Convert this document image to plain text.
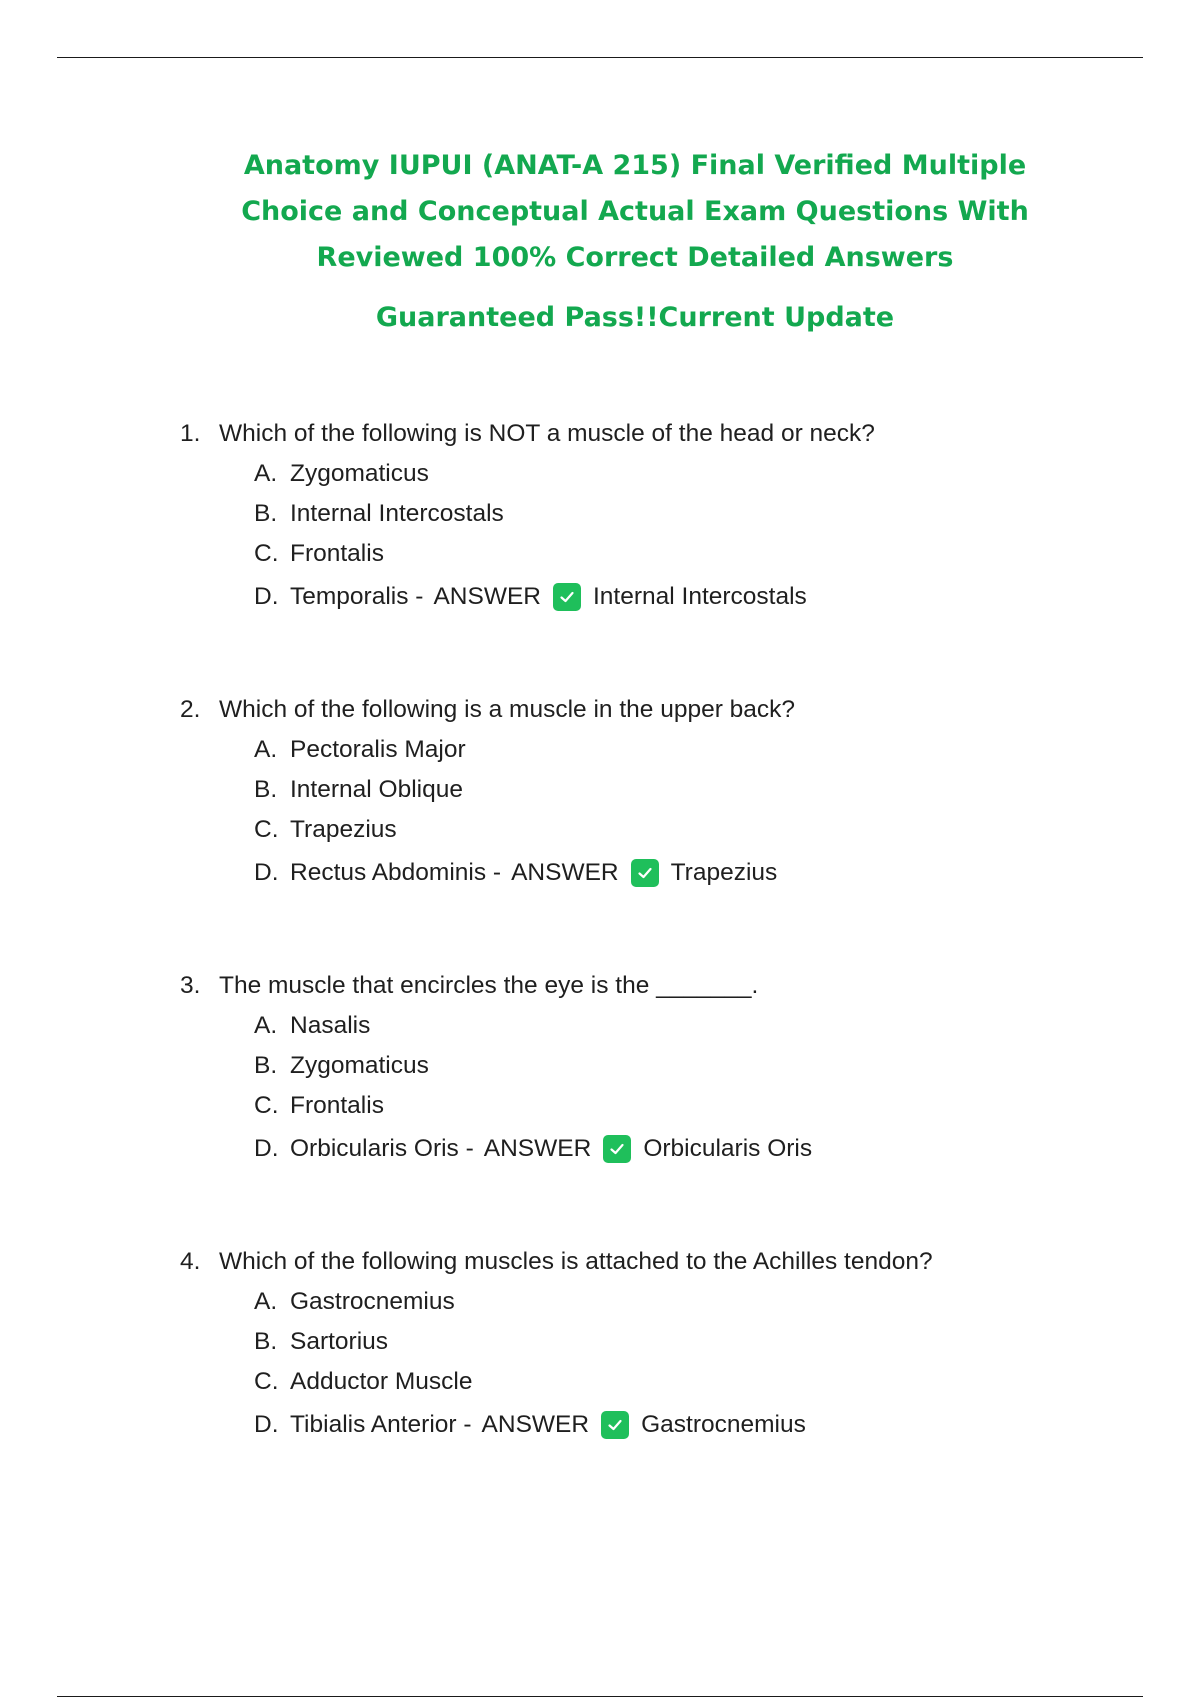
Anatomy IUPUI (ANAT-A 215) Final Verified Multiple
Choice and Conceptual Actual Exam Questions With
Reviewed 100% Correct Detailed Answers
Guaranteed Pass!!Current Update
1. Which of the following is NOT a muscle of the head or neck?
A. Zygomaticus
B. Internal Intercostals
C. Frontalis
D. Temporalis - ANSWER Internal Intercostals
2. Which of the following is a muscle in the upper back?
A. Pectoralis Major
B. Internal Oblique
C. Trapezius
D. Rectus Abdominis - ANSWER Trapezius
3. The muscle that encircles the eye is the _______.
A. Nasalis
B. Zygomaticus
C. Frontalis
D. Orbicularis Oris - ANSWER Orbicularis Oris
4. Which of the following muscles is attached to the Achilles tendon?
A. Gastrocnemius
B. Sartorius
C. Adductor Muscle
D. Tibialis Anterior - ANSWER Gastrocnemius
